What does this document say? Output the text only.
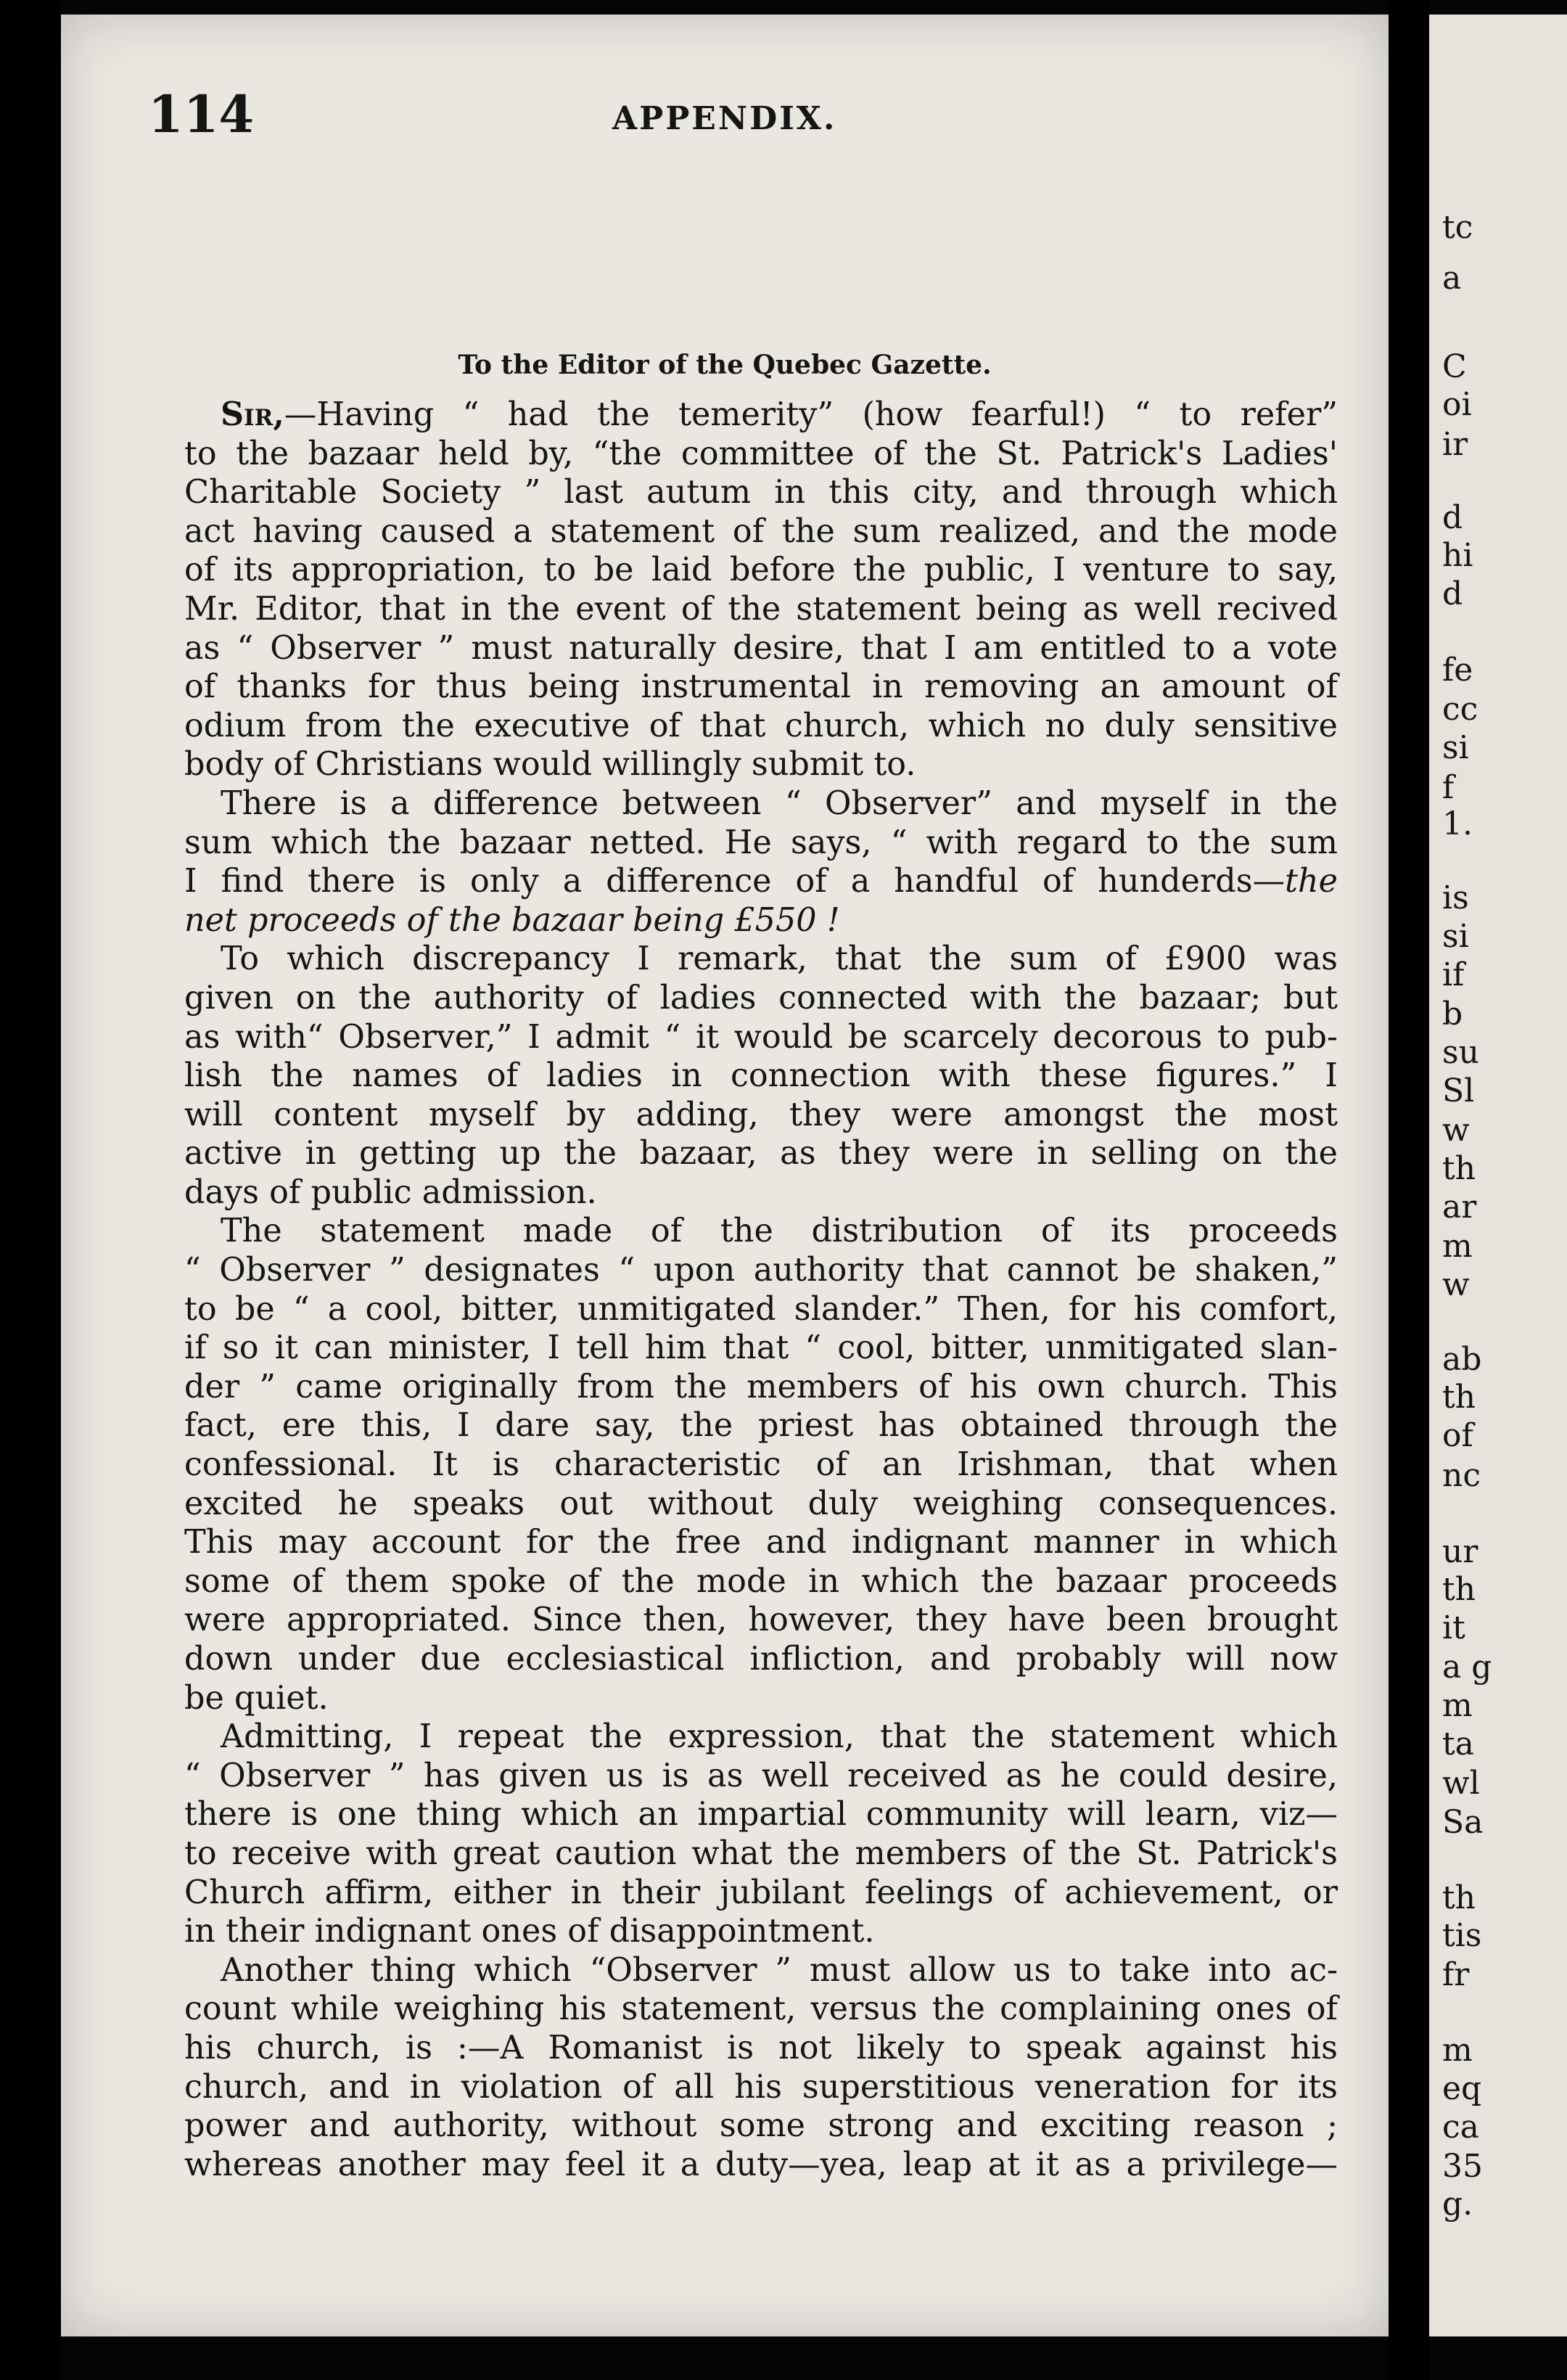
114	APPENDIX.
To the Editor of the Quebec Gazette.
Sir,—Having “ had the temerity” (how fearful!) “ to refer”
to the bazaar held by, “the committee of the St. Patrick's Ladies'
Charitable Society ” last autum in this city, and through which
act having caused a statement of the sum realized, and the mode
of its appropriation, to be laid before the public, I venture to say,
Mr. Editor, that in the event of the statement being as well recived
as “ Observer ” must naturally desire, that I am entitled to a vote
of thanks for thus being instrumental in removing an amount of
odium from the executive of that church, which no duly sensitive
body of Christians would willingly submit to.
There is a difference between “ Observer” and myself in the
sum which the bazaar netted. He says, “ with regard to the sum
I find there is only a difference of a handful of hunderds—the
net proceeds of the bazaar being £550 !
To which discrepancy I remark, that the sum of £900 was
given on the authority of ladies connected with the bazaar; but
as with“ Observer,” I admit “ it would be scarcely decorous to pub-
lish the names of ladies in connection with these figures.” I
will content myself by adding, they were amongst the most
active in getting up the bazaar, as they were in selling on the
days of public admission.
The statement made of the distribution of its proceeds
“ Observer ” designates “ upon authority that cannot be shaken,”
to be “ a cool, bitter, unmitigated slander.” Then, for his comfort,
if so it can minister, I tell him that “ cool, bitter, unmitigated slan-
der ” came originally from the members of his own church. This
fact, ere this, I dare say, the priest has obtained through the
confessional. It is characteristic of an Irishman, that when
excited he speaks out without duly weighing consequences.
This may account for the free and indignant manner in which
some of them spoke of the mode in which the bazaar proceeds
were appropriated. Since then, however, they have been brought
down under due ecclesiastical infliction, and probably will now
be quiet.
Admitting, I repeat the expression, that the statement which
“ Observer ” has given us is as well received as he could desire,
there is one thing which an impartial community will learn, viz—
to receive with great caution what the members of the St. Patrick's
Church affirm, either in their jubilant feelings of achievement, or
in their indignant ones of disappointment.
Another thing which “Observer ” must allow us to take into ac-
count while weighing his statement, versus the complaining ones of
his church, is :—A Romanist is not likely to speak against his
church, and in violation of all his superstitious veneration for its
power and authority, without some strong and exciting reason ;
whereas another may feel it a duty—yea, leap at it as a privilege—
tc
a
C
oi
ir
d
hi
d
fe
cc
si
f
1.
is
si
if
b
su
Sl
w
th
ar
m
w
ab
th
of
nc
ur
th
it
a g
m
ta
wl
Sa
th
tis
fr
m
eq
ca
35
g.
